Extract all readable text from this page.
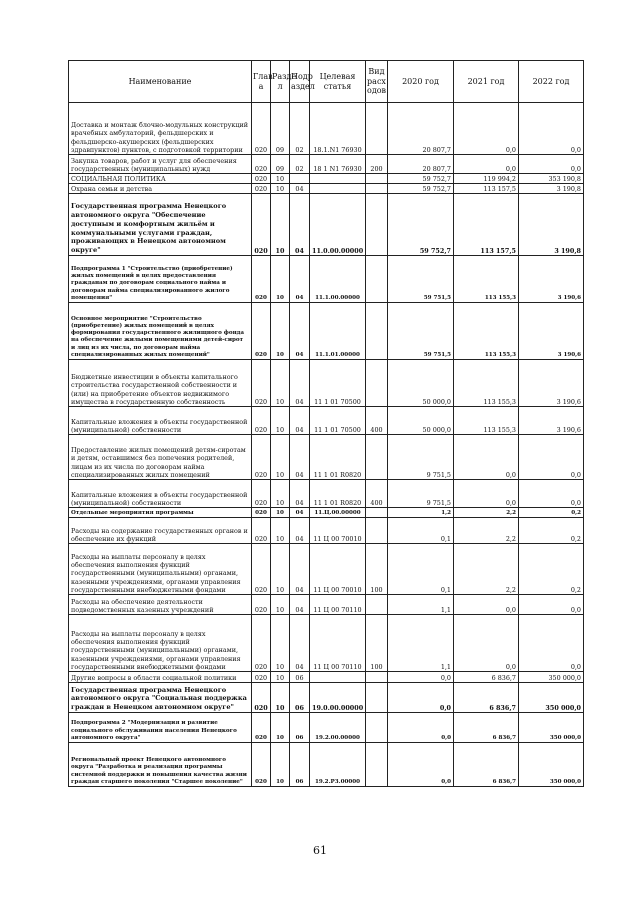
Наименование	Глав а	Разде л	Подр аздел	Целевая статья	Вид расх одов	2020 год	2021 год	2022 год
Доставка и монтаж блочно-модульных конструкций врачебных амбулаторий, фельдшерских и фельдшерско-акушерских (фельдшерских здравпунктов) пунктов, с подготовкой территории	020	09	02	18.1.N1 76930		20 807,7	0,0	0,0
Закупка товаров, работ и услуг для обеспечения государственных (муниципальных) нужд	020	09	02	18 1 N1 76930	200	20 807,7	0,0	0,0
СОЦИАЛЬНАЯ ПОЛИТИКА	020	10				59 752,7	119 994,2	353 190,8
Охрана семьи и детства	020	10	04			59 752,7	113 157,5	3 190,8
Государственная программа Ненецкого автономного округа "Обеспечение доступным и комфортным жильём и коммунальными услугами граждан, проживающих в Ненецком автономном округе"	020	10	04	11.0.00.00000		59 752,7	113 157,5	3 190,8
Подпрограмма 1 "Строительство (приобретение) жилых помещений в целях предоставления гражданам по договорам социального найма и договорам найма специализированного жилого помещения"	020	10	04	11.1.00.00000		59 751,5	113 155,3	3 190,6
Основное мероприятие "Строительство (приобретение) жилых помещений в целях формирования государственного жилищного фонда на обеспечение жилыми помещениями детей-сирот и лиц из их числа, по договорам найма специализированных жилых помещений"	020	10	04	11.1.01.00000		59 751,5	113 155,3	3 190,6
Бюджетные инвестиции в объекты капитального строительства государственной собственности и (или) на приобретение объектов недвижимого имущества в государственную собственность	020	10	04	11 1 01 70500		50 000,0	113 155,3	3 190,6
Капитальные вложения в объекты государственной (муниципальной) собственности	020	10	04	11 1 01 70500	400	50 000,0	113 155,3	3 190,6
Предоставление жилых помещений детям-сиротам и детям, оставшимся без попечения родителей, лицам из их числа по договорам найма специализированных жилых помещений	020	10	04	11 1 01 R0820		9 751,5	0,0	0,0
Капитальные вложения в объекты государственной (муниципальной) собственности	020	10	04	11 1 01 R0820	400	9 751,5	0,0	0,0
Отдельные мероприятия программы	020	10	04	11.Ц.00.00000		1,2	2,2	0,2
Расходы на содержание государственных органов и обеспечение их функций	020	10	04	11 Ц 00 70010		0,1	2,2	0,2
Расходы на выплаты персоналу в целях обеспечения выполнения функций государственными (муниципальными) органами, казенными учреждениями, органами управления государственными внебюджетными фондами	020	10	04	11 Ц 00 70010	100	0,1	2,2	0,2
Расходы на обеспечение деятельности подведомственных казенных учреждений	020	10	04	11 Ц 00 70110		1,1	0,0	0,0
Расходы на выплаты персоналу в целях обеспечения выполнения функций государственными (муниципальными) органами, казенными учреждениями, органами управления государственными внебюджетными фондами	020	10	04	11 Ц 00 70110	100	1,1	0,0	0,0
Другие вопросы в области социальной политики	020	10	06			0,0	6 836,7	350 000,0
Государственная программа Ненецкого автономного округа "Социальная поддержка граждан в Ненецком автономном округе"	020	10	06	19.0.00.00000		0,0	6 836,7	350 000,0
Подпрограмма 2 "Модернизация и развитие социального обслуживания населения Ненецкого автономного округа"	020	10	06	19.2.00.00000		0,0	6 836,7	350 000,0
Региональный проект Ненецкого автономного округа "Разработка и реализация программы системной поддержки и повышения качества жизни граждан старшего поколения "Старшее поколение"	020	10	06	19.2.P3.00000		0,0	6 836,7	350 000,0
61
